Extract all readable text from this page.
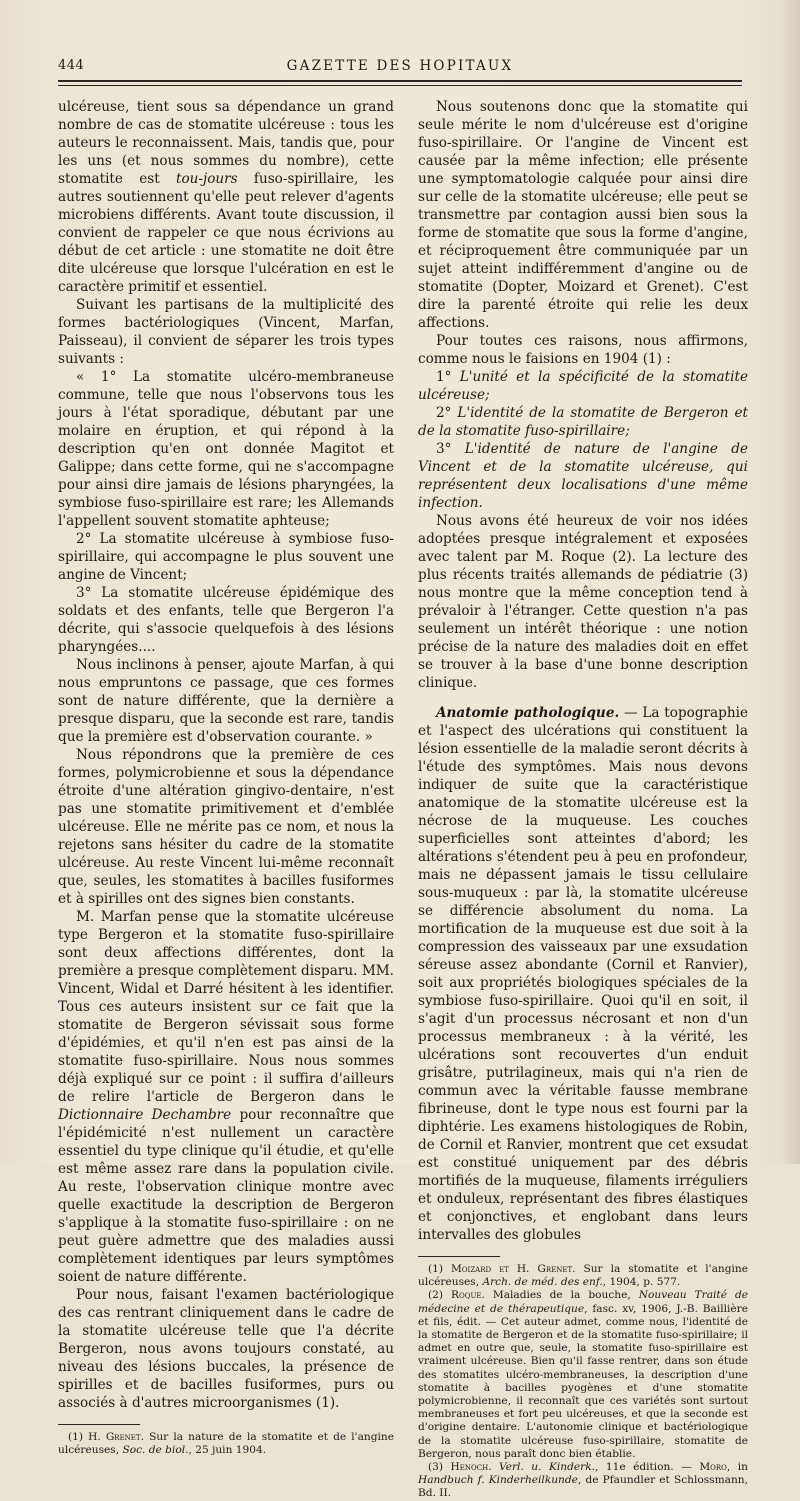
444	GAZETTE DES HOPITAUX

ulcéreuse, tient sous sa dépendance un grand nombre de cas de stomatite ulcéreuse : tous les auteurs le reconnaissent. Mais, tandis que, pour les uns (et nous sommes du nombre), cette stomatite est tou-jours fuso-spirillaire, les autres soutiennent qu'elle peut relever d'agents microbiens différents. Avant toute discussion, il convient de rappeler ce que nous écrivions au début de cet article : une stomatite ne doit être dite ulcéreuse que lorsque l'ulcération en est le caractère primitif et essentiel.

Suivant les partisans de la multiplicité des formes bactériologiques (Vincent, Marfan, Paisseau), il convient de séparer les trois types suivants :

« 1° La stomatite ulcéro-membraneuse commune, telle que nous l'observons tous les jours à l'état sporadique, débutant par une molaire en éruption, et qui répond à la description qu'en ont donnée Magitot et Galippe; dans cette forme, qui ne s'accompagne pour ainsi dire jamais de lésions pharyngées, la symbiose fuso-spirillaire est rare; les Allemands l'appellent souvent stomatite aphteuse;

2° La stomatite ulcéreuse à symbiose fuso-spirillaire, qui accompagne le plus souvent une angine de Vincent;

3° La stomatite ulcéreuse épidémique des soldats et des enfants, telle que Bergeron l'a décrite, qui s'associe quelquefois à des lésions pharyngées....

Nous inclinons à penser, ajoute Marfan, à qui nous empruntons ce passage, que ces formes sont de nature différente, que la dernière a presque disparu, que la seconde est rare, tandis que la première est d'observation courante. »

Nous répondrons que la première de ces formes, polymicrobienne et sous la dépendance étroite d'une altération gingivo-dentaire, n'est pas une stomatite primitivement et d'emblée ulcéreuse. Elle ne mérite pas ce nom, et nous la rejetons sans hésiter du cadre de la stomatite ulcéreuse. Au reste Vincent lui-même reconnaît que, seules, les stomatites à bacilles fusiformes et à spirilles ont des signes bien constants.

M. Marfan pense que la stomatite ulcéreuse type Bergeron et la stomatite fuso-spirillaire sont deux affections différentes, dont la première a presque complètement disparu. MM. Vincent, Widal et Darré hésitent à les identifier. Tous ces auteurs insistent sur ce fait que la stomatite de Bergeron sévissait sous forme d'épidémies, et qu'il n'en est pas ainsi de la stomatite fuso-spirillaire. Nous nous sommes déjà expliqué sur ce point : il suffira d'ailleurs de relire l'article de Bergeron dans le Dictionnaire Dechambre pour reconnaître que l'épidémicité n'est nullement un caractère essentiel du type clinique qu'il étudie, et qu'elle est même assez rare dans la population civile. Au reste, l'observation clinique montre avec quelle exactitude la description de Bergeron s'applique à la stomatite fuso-spirillaire : on ne peut guère admettre que des maladies aussi complètement identiques par leurs symptômes soient de nature différente.

Pour nous, faisant l'examen bactériologique des cas rentrant cliniquement dans le cadre de la stomatite ulcéreuse telle que l'a décrite Bergeron, nous avons toujours constaté, au niveau des lésions buccales, la présence de spirilles et de bacilles fusiformes, purs ou associés à d'autres microorganismes (1).

(1) H. Grenet. Sur la nature de la stomatite et de l'angine ulcéreuses, Soc. de biol., 25 juin 1904.

Nous soutenons donc que la stomatite qui seule mérite le nom d'ulcéreuse est d'origine fuso-spirillaire. Or l'angine de Vincent est causée par la même infection; elle présente une symptomatologie calquée pour ainsi dire sur celle de la stomatite ulcéreuse; elle peut se transmettre par contagion aussi bien sous la forme de stomatite que sous la forme d'angine, et réciproquement être communiquée par un sujet atteint indifféremment d'angine ou de stomatite (Dopter, Moizard et Grenet). C'est dire la parenté étroite qui relie les deux affections.

Pour toutes ces raisons, nous affirmons, comme nous le faisions en 1904 (1) :

1° L'unité et la spécificité de la stomatite ulcéreuse;

2° L'identité de la stomatite de Bergeron et de la stomatite fuso-spirillaire;

3° L'identité de nature de l'angine de Vincent et de la stomatite ulcéreuse, qui représentent deux localisations d'une même infection.

Nous avons été heureux de voir nos idées adoptées presque intégralement et exposées avec talent par M. Roque (2). La lecture des plus récents traités allemands de pédiatrie (3) nous montre que la même conception tend à prévaloir à l'étranger. Cette question n'a pas seulement un intérêt théorique : une notion précise de la nature des maladies doit en effet se trouver à la base d'une bonne description clinique.

Anatomie pathologique. — La topographie et l'aspect des ulcérations qui constituent la lésion essentielle de la maladie seront décrits à l'étude des symptômes. Mais nous devons indiquer de suite que la caractéristique anatomique de la stomatite ulcéreuse est la nécrose de la muqueuse. Les couches superficielles sont atteintes d'abord; les altérations s'étendent peu à peu en profondeur, mais ne dépassent jamais le tissu cellulaire sous-muqueux : par là, la stomatite ulcéreuse se différencie absolument du noma. La mortification de la muqueuse est due soit à la compression des vaisseaux par une exsudation séreuse assez abondante (Cornil et Ranvier), soit aux propriétés biologiques spéciales de la symbiose fuso-spirillaire. Quoi qu'il en soit, il s'agit d'un processus nécrosant et non d'un processus membraneux : à la vérité, les ulcérations sont recouvertes d'un enduit grisâtre, putrilagineux, mais qui n'a rien de commun avec la véritable fausse membrane fibrineuse, dont le type nous est fourni par la diphtérie. Les examens histologiques de Robin, de Cornil et Ranvier, montrent que cet exsudat est constitué uniquement par des débris mortifiés de la muqueuse, filaments irréguliers et onduleux, représentant des fibres élastiques et conjonctives, et englobant dans leurs intervalles des globules

(1) Moizard et H. Grenet. Sur la stomatite et l'angine ulcéreuses, Arch. de méd. des enf., 1904, p. 577.

(2) Roque. Maladies de la bouche, Nouveau Traité de médecine et de thérapeutique, fasc. xv, 1906, J.-B. Baillière et fils, édit. — Cet auteur admet, comme nous, l'identité de la stomatite de Bergeron et de la stomatite fuso-spirillaire; il admet en outre que, seule, la stomatite fuso-spirillaire est vraiment ulcéreuse. Bien qu'il fasse rentrer, dans son étude des stomatites ulcéro-membraneuses, la description d'une stomatite à bacilles pyogènes et d'une stomatite polymicrobienne, il reconnaît que ces variétés sont surtout membraneuses et fort peu ulcéreuses, et que la seconde est d'origine dentaire. L'autonomie clinique et bactériologique de la stomatite ulcéreuse fuso-spirillaire, stomatite de Bergeron, nous paraît donc bien établie.

(3) Henoch. Verl. u. Kinderk., 11e édition. — Moro, in Handbuch f. Kinderheilkunde, de Pfaundler et Schlossmann, Bd. II.
